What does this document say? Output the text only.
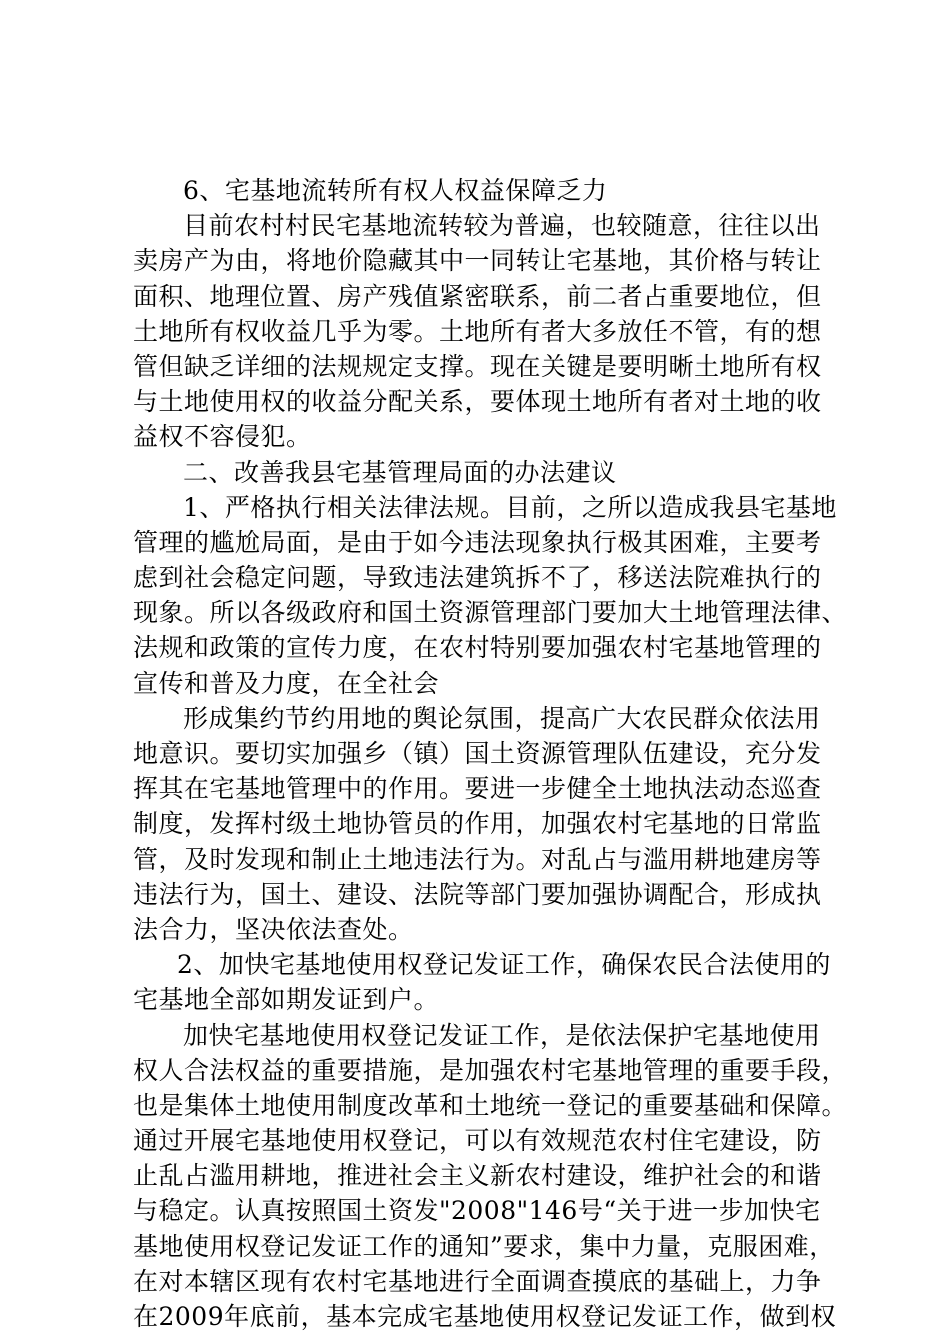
6、宅基地流转所有权人权益保障乏力
目前农村村民宅基地流转较为普遍，也较随意，往往以出
卖房产为由，将地价隐藏其中一同转让宅基地，其价格与转让
面积、地理位置、房产残值紧密联系，前二者占重要地位，但
土地所有权收益几乎为零。土地所有者大多放任不管，有的想
管但缺乏详细的法规规定支撑。现在关键是要明晰土地所有权
与土地使用权的收益分配关系，要体现土地所有者对土地的收
益权不容侵犯。
二、改善我县宅基管理局面的办法建议
1、严格执行相关法律法规。目前，之所以造成我县宅基地
管理的尴尬局面，是由于如今违法现象执行极其困难，主要考
虑到社会稳定问题，导致违法建筑拆不了，移送法院难执行的
现象。所以各级政府和国土资源管理部门要加大土地管理法律、
法规和政策的宣传力度，在农村特别要加强农村宅基地管理的
宣传和普及力度，在全社会
形成集约节约用地的舆论氛围，提高广大农民群众依法用
地意识。要切实加强乡（镇）国土资源管理队伍建设，充分发
挥其在宅基地管理中的作用。要进一步健全土地执法动态巡查
制度，发挥村级土地协管员的作用，加强农村宅基地的日常监
管，及时发现和制止土地违法行为。对乱占与滥用耕地建房等
违法行为，国土、建设、法院等部门要加强协调配合，形成执
法合力，坚决依法查处。
2、加快宅基地使用权登记发证工作，确保农民合法使用的
宅基地全部如期发证到户。
加快宅基地使用权登记发证工作，是依法保护宅基地使用
权人合法权益的重要措施，是加强农村宅基地管理的重要手段，
也是集体土地使用制度改革和土地统一登记的重要基础和保障。
通过开展宅基地使用权登记，可以有效规范农村住宅建设，防
止乱占滥用耕地，推进社会主义新农村建设，维护社会的和谐
与稳定。认真按照国土资发"2008"146号“关于进一步加快宅
基地使用权登记发证工作的通知”要求，集中力量，克服困难，
在对本辖区现有农村宅基地进行全面调查摸底的基础上，力争
在2009年底前，基本完成宅基地使用权登记发证工作，做到权
